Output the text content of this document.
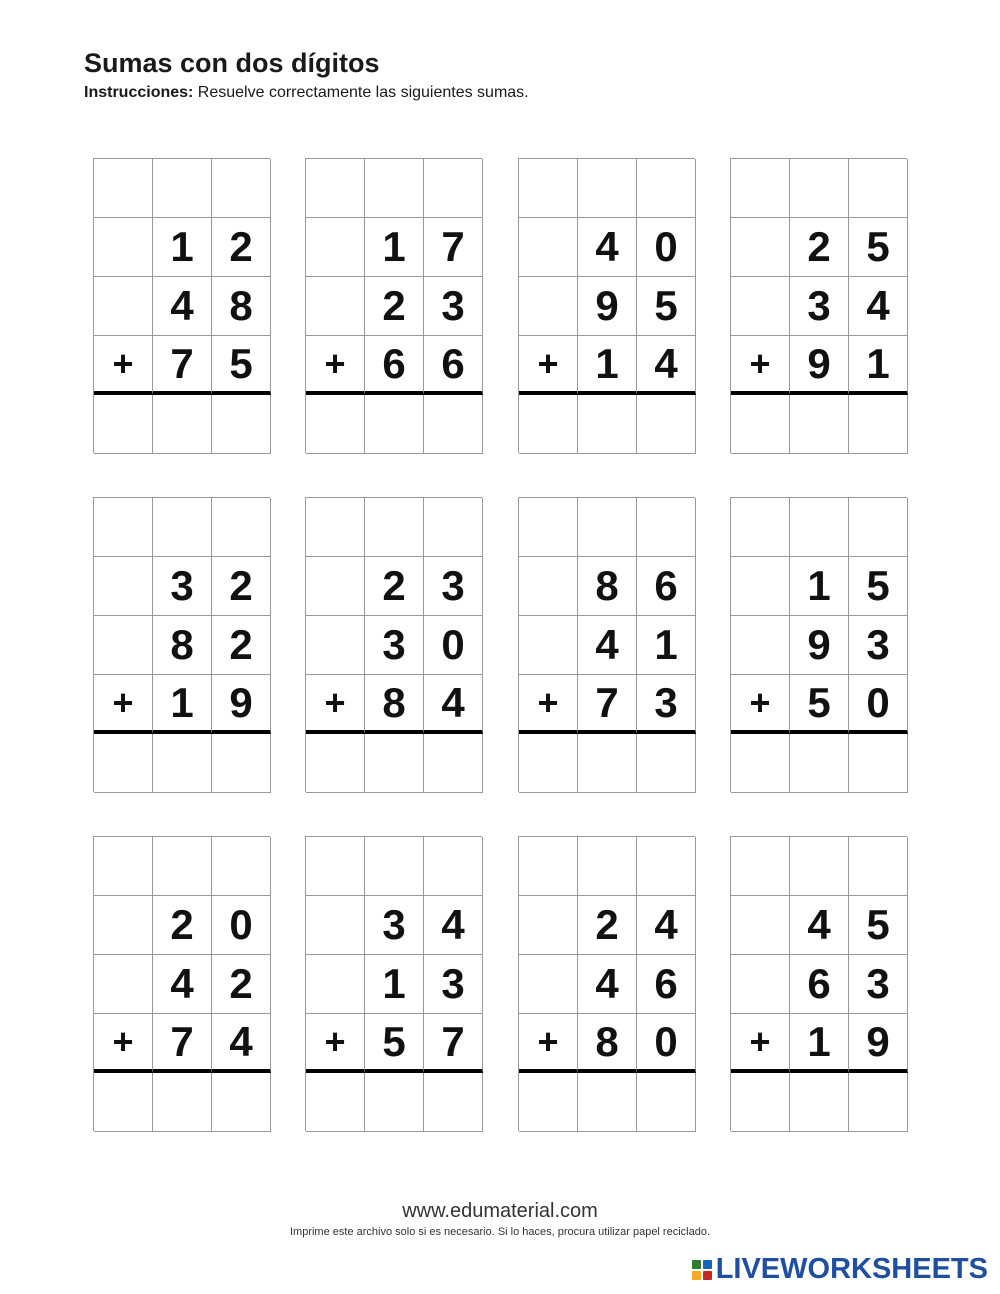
Sumas con dos dígitos
Instrucciones: Resuelve correctamente las siguientes sumas.
1 2
4 8
+ 7 5
1 7
2 3
+ 6 6
4 0
9 5
+ 1 4
2 5
3 4
+ 9 1
3 2
8 2
+ 1 9
2 3
3 0
+ 8 4
8 6
4 1
+ 7 3
1 5
9 3
+ 5 0
2 0
4 2
+ 7 4
3 4
1 3
+ 5 7
2 4
4 6
+ 8 0
4 5
6 3
+ 1 9
www.edumaterial.com
Imprime este archivo solo si es necesario. Si lo haces, procura utilizar papel reciclado.
LIVEWORKSHEETS
